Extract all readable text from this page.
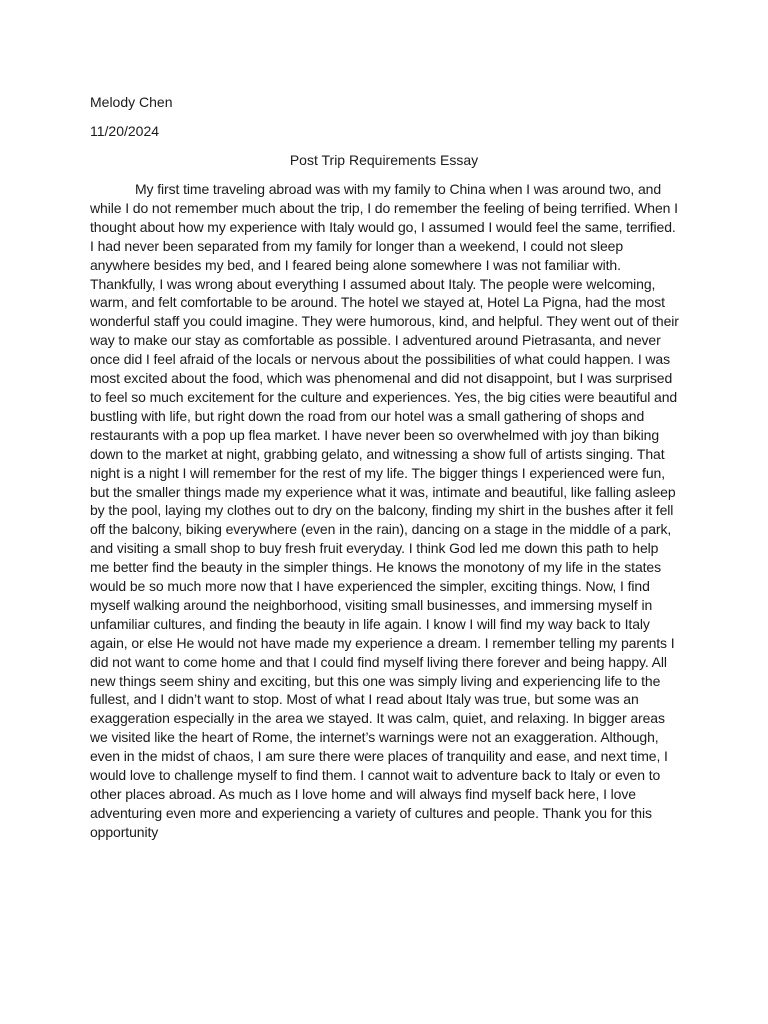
Melody Chen
11/20/2024
Post Trip Requirements Essay

My first time traveling abroad was with my family to China when I was around two, and while I do not remember much about the trip, I do remember the feeling of being terrified. When I thought about how my experience with Italy would go, I assumed I would feel the same, terrified. I had never been separated from my family for longer than a weekend, I could not sleep anywhere besides my bed, and I feared being alone somewhere I was not familiar with. Thankfully, I was wrong about everything I assumed about Italy. The people were welcoming, warm, and felt comfortable to be around. The hotel we stayed at, Hotel La Pigna, had the most wonderful staff you could imagine. They were humorous, kind, and helpful. They went out of their way to make our stay as comfortable as possible. I adventured around Pietrasanta, and never once did I feel afraid of the locals or nervous about the possibilities of what could happen. I was most excited about the food, which was phenomenal and did not disappoint, but I was surprised to feel so much excitement for the culture and experiences. Yes, the big cities were beautiful and bustling with life, but right down the road from our hotel was a small gathering of shops and restaurants with a pop up flea market. I have never been so overwhelmed with joy than biking down to the market at night, grabbing gelato, and witnessing a show full of artists singing. That night is a night I will remember for the rest of my life. The bigger things I experienced were fun, but the smaller things made my experience what it was, intimate and beautiful, like falling asleep by the pool, laying my clothes out to dry on the balcony, finding my shirt in the bushes after it fell off the balcony, biking everywhere (even in the rain), dancing on a stage in the middle of a park, and visiting a small shop to buy fresh fruit everyday. I think God led me down this path to help me better find the beauty in the simpler things. He knows the monotony of my life in the states would be so much more now that I have experienced the simpler, exciting things. Now, I find myself walking around the neighborhood, visiting small businesses, and immersing myself in unfamiliar cultures, and finding the beauty in life again. I know I will find my way back to Italy again, or else He would not have made my experience a dream. I remember telling my parents I did not want to come home and that I could find myself living there forever and being happy. All new things seem shiny and exciting, but this one was simply living and experiencing life to the fullest, and I didn’t want to stop. Most of what I read about Italy was true, but some was an exaggeration especially in the area we stayed. It was calm, quiet, and relaxing. In bigger areas we visited like the heart of Rome, the internet’s warnings were not an exaggeration. Although, even in the midst of chaos, I am sure there were places of tranquility and ease, and next time, I would love to challenge myself to find them. I cannot wait to adventure back to Italy or even to other places abroad. As much as I love home and will always find myself back here, I love adventuring even more and experiencing a variety of cultures and people. Thank you for this opportunity
